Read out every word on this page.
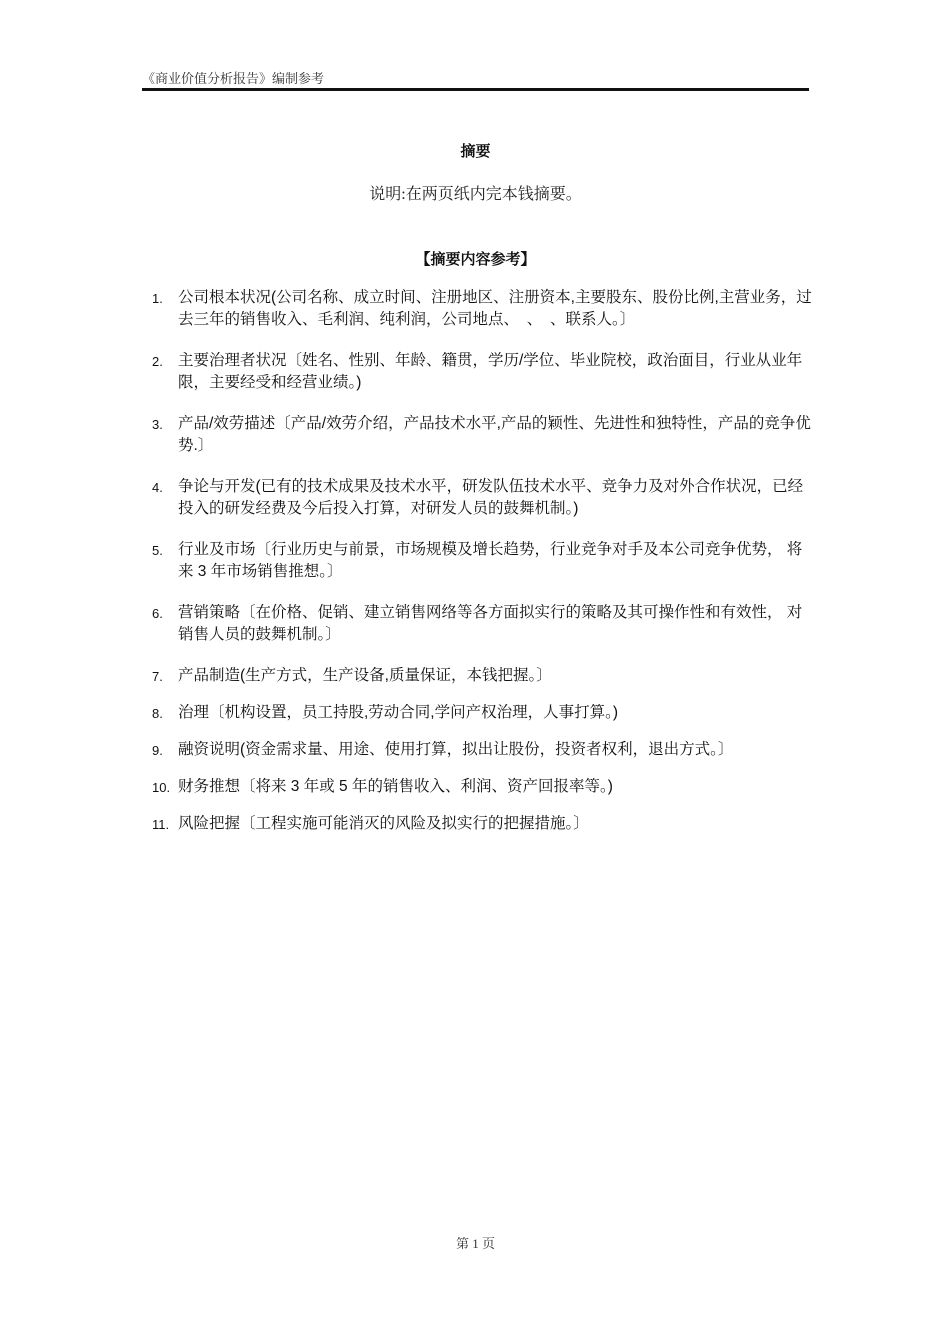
《商业价值分析报告》编制参考
摘要
说明:在两页纸内完本钱摘要。
【摘要内容参考】
1. 公司根本状况(公司名称、成立时间、注册地区、注册资本,主要股东、股份比例,主营业务，过去三年的销售收入、毛利润、纯利润，公司地点、　、　、联系人。〕
2. 主要治理者状况〔姓名、性别、年龄、籍贯，学历/学位、毕业院校，政治面目，行业从业年限，主要经受和经营业绩。)
3. 产品/效劳描述〔产品/效劳介绍，产品技术水平,产品的颖性、先进性和独特性，产品的竞争优势.〕
4. 争论与开发(已有的技术成果及技术水平，研发队伍技术水平、竞争力及对外合作状况，已经投入的研发经费及今后投入打算，对研发人员的鼓舞机制。)
5. 行业及市场〔行业历史与前景，市场规模及增长趋势，行业竞争对手及本公司竞争优势， 将来 3 年市场销售推想。〕
6. 营销策略〔在价格、促销、建立销售网络等各方面拟实行的策略及其可操作性和有效性， 对销售人员的鼓舞机制。〕
7. 产品制造(生产方式，生产设备,质量保证，本钱把握。〕
8. 治理〔机构设置，员工持股,劳动合同,学问产权治理，人事打算。)
9. 融资说明(资金需求量、用途、使用打算，拟出让股份，投资者权利，退出方式。〕
10. 财务推想〔将来 3 年或 5 年的销售收入、利润、资产回报率等。)
11. 风险把握〔工程实施可能消灭的风险及拟实行的把握措施。〕
第 1 页
